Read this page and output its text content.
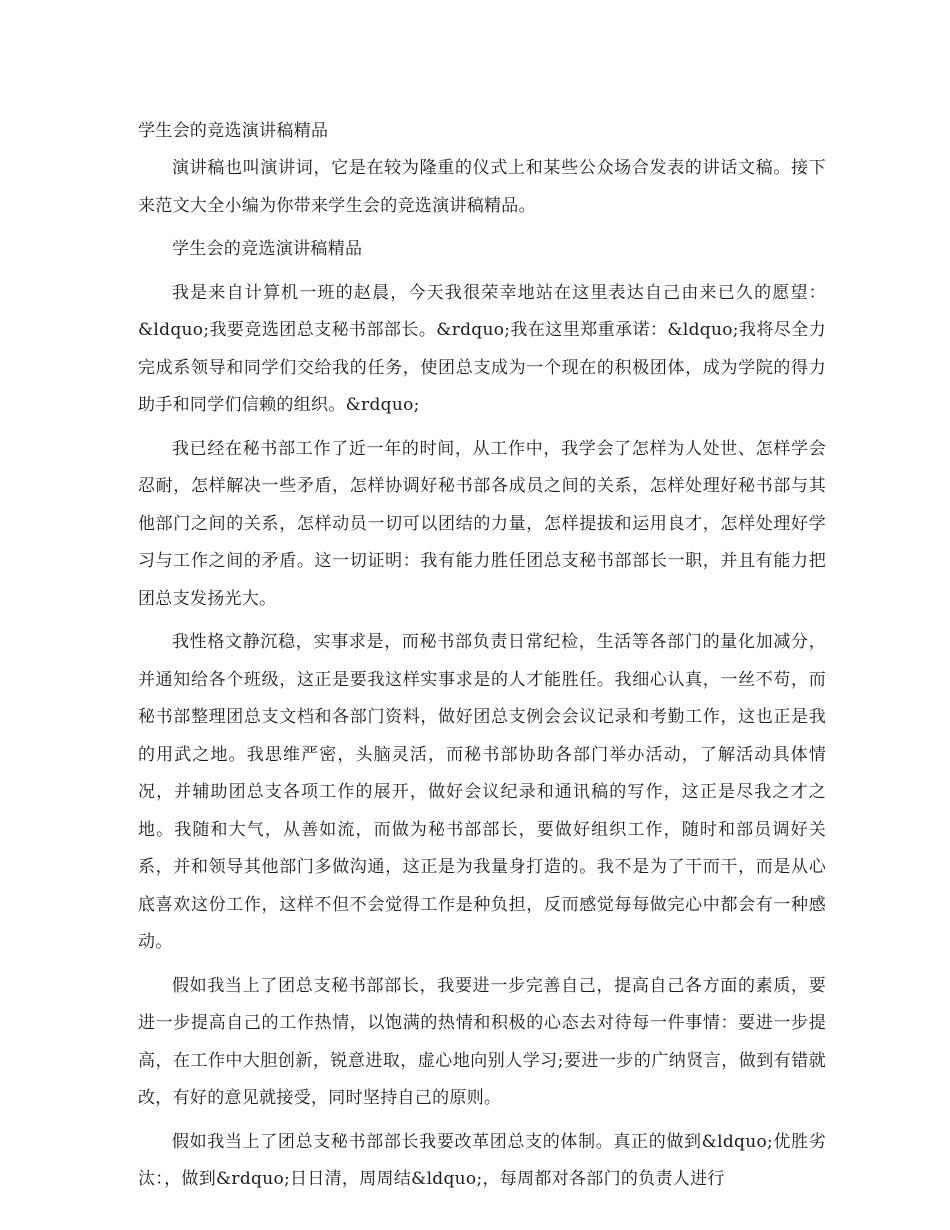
学生会的竞选演讲稿精品

演讲稿也叫演讲词，它是在较为隆重的仪式上和某些公众场合发表的讲话文稿。接下来范文大全小编为你带来学生会的竞选演讲稿精品。

学生会的竞选演讲稿精品

我是来自计算机一班的赵晨，今天我很荣幸地站在这里表达自己由来已久的愿望：&ldquo;我要竞选团总支秘书部部长。&rdquo;我在这里郑重承诺：&ldquo;我将尽全力完成系领导和同学们交给我的任务，使团总支成为一个现在的积极团体，成为学院的得力助手和同学们信赖的组织。&rdquo;

我已经在秘书部工作了近一年的时间，从工作中，我学会了怎样为人处世、怎样学会忍耐，怎样解决一些矛盾，怎样协调好秘书部各成员之间的关系，怎样处理好秘书部与其他部门之间的关系，怎样动员一切可以团结的力量，怎样提拔和运用良才，怎样处理好学习与工作之间的矛盾。这一切证明：我有能力胜任团总支秘书部部长一职，并且有能力把团总支发扬光大。

我性格文静沉稳，实事求是，而秘书部负责日常纪检，生活等各部门的量化加减分，并通知给各个班级，这正是要我这样实事求是的人才能胜任。我细心认真，一丝不苟，而秘书部整理团总支文档和各部门资料，做好团总支例会会议记录和考勤工作，这也正是我的用武之地。我思维严密，头脑灵活，而秘书部协助各部门举办活动，了解活动具体情况，并辅助团总支各项工作的展开，做好会议纪录和通讯稿的写作，这正是尽我之才之地。我随和大气，从善如流，而做为秘书部部长，要做好组织工作，随时和部员调好关系，并和领导其他部门多做沟通，这正是为我量身打造的。我不是为了干而干，而是从心底喜欢这份工作，这样不但不会觉得工作是种负担，反而感觉每每做完心中都会有一种感动。

假如我当上了团总支秘书部部长，我要进一步完善自己，提高自己各方面的素质，要进一步提高自己的工作热情，以饱满的热情和积极的心态去对待每一件事情：要进一步提高，在工作中大胆创新，锐意进取，虚心地向别人学习;要进一步的广纳贤言，做到有错就改，有好的意见就接受，同时坚持自己的原则。

假如我当上了团总支秘书部部长我要改革团总支的体制。真正的做到&ldquo;优胜劣汰：，做到&rdquo;日日清，周周结&ldquo;，每周都对各部门的负责人进行
